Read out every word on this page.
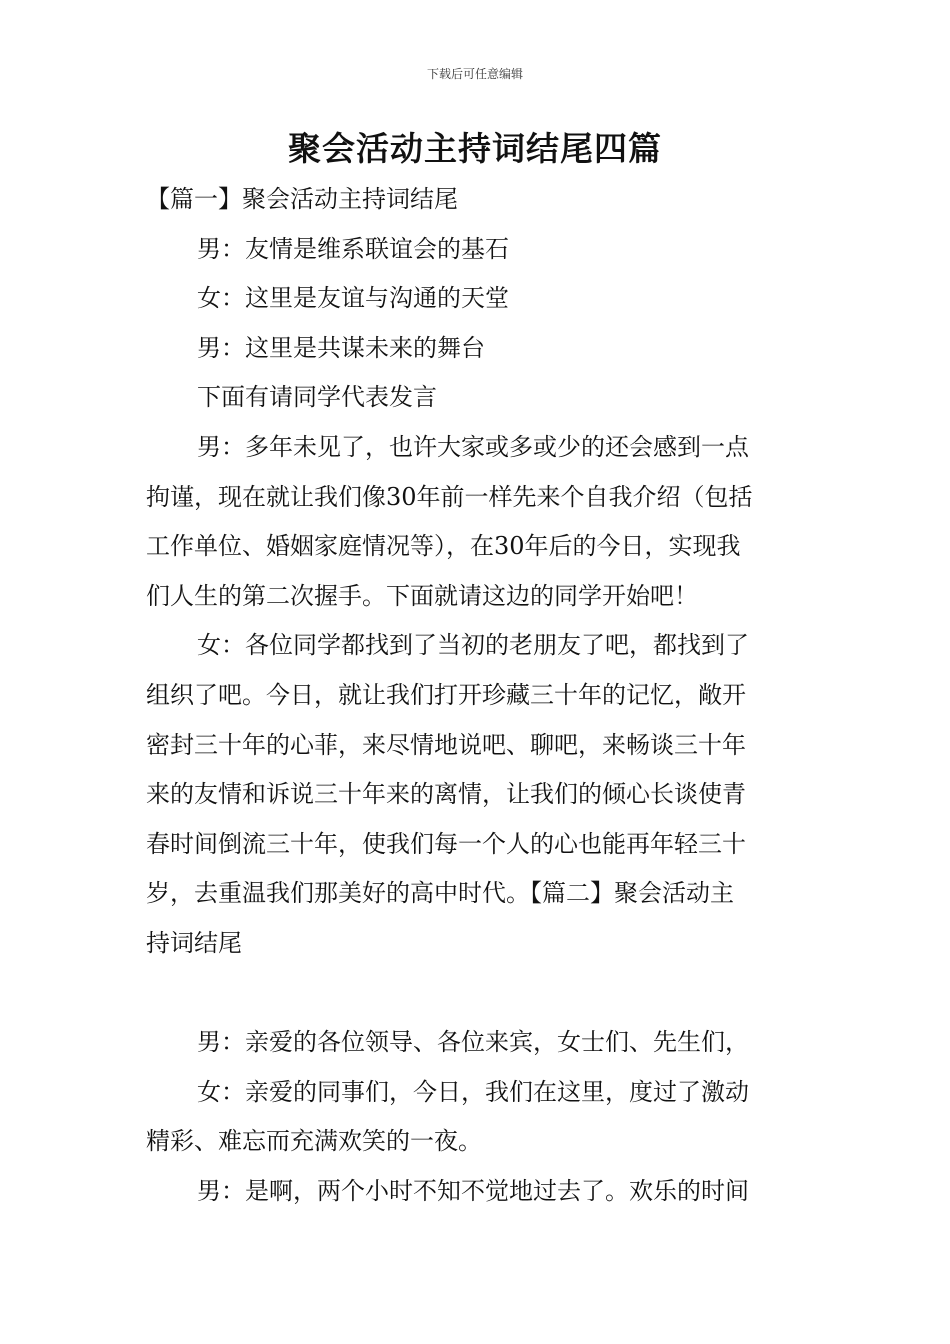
下载后可任意编辑
聚会活动主持词结尾四篇

【篇一】聚会活动主持词结尾

男：友情是维系联谊会的基石

女：这里是友谊与沟通的天堂

男：这里是共谋未来的舞台

下面有请同学代表发言

男：多年未见了，也许大家或多或少的还会感到一点

拘谨，现在就让我们像30年前一样先来个自我介绍（包括

工作单位、婚姻家庭情况等），在30年后的今日，实现我

们人生的第二次握手。下面就请这边的同学开始吧！

女：各位同学都找到了当初的老朋友了吧，都找到了

组织了吧。今日，就让我们打开珍藏三十年的记忆，敞开

密封三十年的心菲，来尽情地说吧、聊吧，来畅谈三十年

来的友情和诉说三十年来的离情，让我们的倾心长谈使青

春时间倒流三十年，使我们每一个人的心也能再年轻三十

岁，去重温我们那美好的高中时代。【篇二】聚会活动主

持词结尾

男：亲爱的各位领导、各位来宾，女士们、先生们，

女：亲爱的同事们，今日，我们在这里，度过了激动

精彩、难忘而充满欢笑的一夜。

男：是啊，两个小时不知不觉地过去了。欢乐的时间
